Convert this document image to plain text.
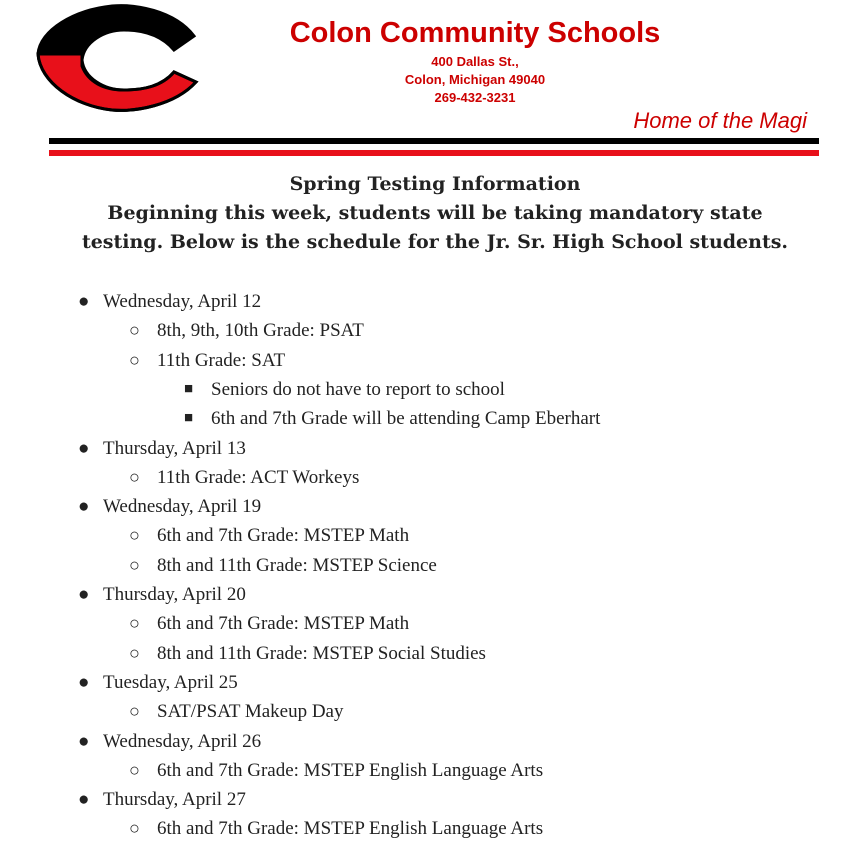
Colon Community Schools
400 Dallas St.,
Colon, Michigan 49040
269-432-3231
Home of the Magi
Spring Testing Information
Beginning this week, students will be taking mandatory state
testing. Below is the schedule for the Jr. Sr. High School students.
● Wednesday, April 12
○ 8th, 9th, 10th Grade: PSAT
○ 11th Grade: SAT
■ Seniors do not have to report to school
■ 6th and 7th Grade will be attending Camp Eberhart
● Thursday, April 13
○ 11th Grade: ACT Workeys
● Wednesday, April 19
○ 6th and 7th Grade: MSTEP Math
○ 8th and 11th Grade: MSTEP Science
● Thursday, April 20
○ 6th and 7th Grade: MSTEP Math
○ 8th and 11th Grade: MSTEP Social Studies
● Tuesday, April 25
○ SAT/PSAT Makeup Day
● Wednesday, April 26
○ 6th and 7th Grade: MSTEP English Language Arts
● Thursday, April 27
○ 6th and 7th Grade: MSTEP English Language Arts
